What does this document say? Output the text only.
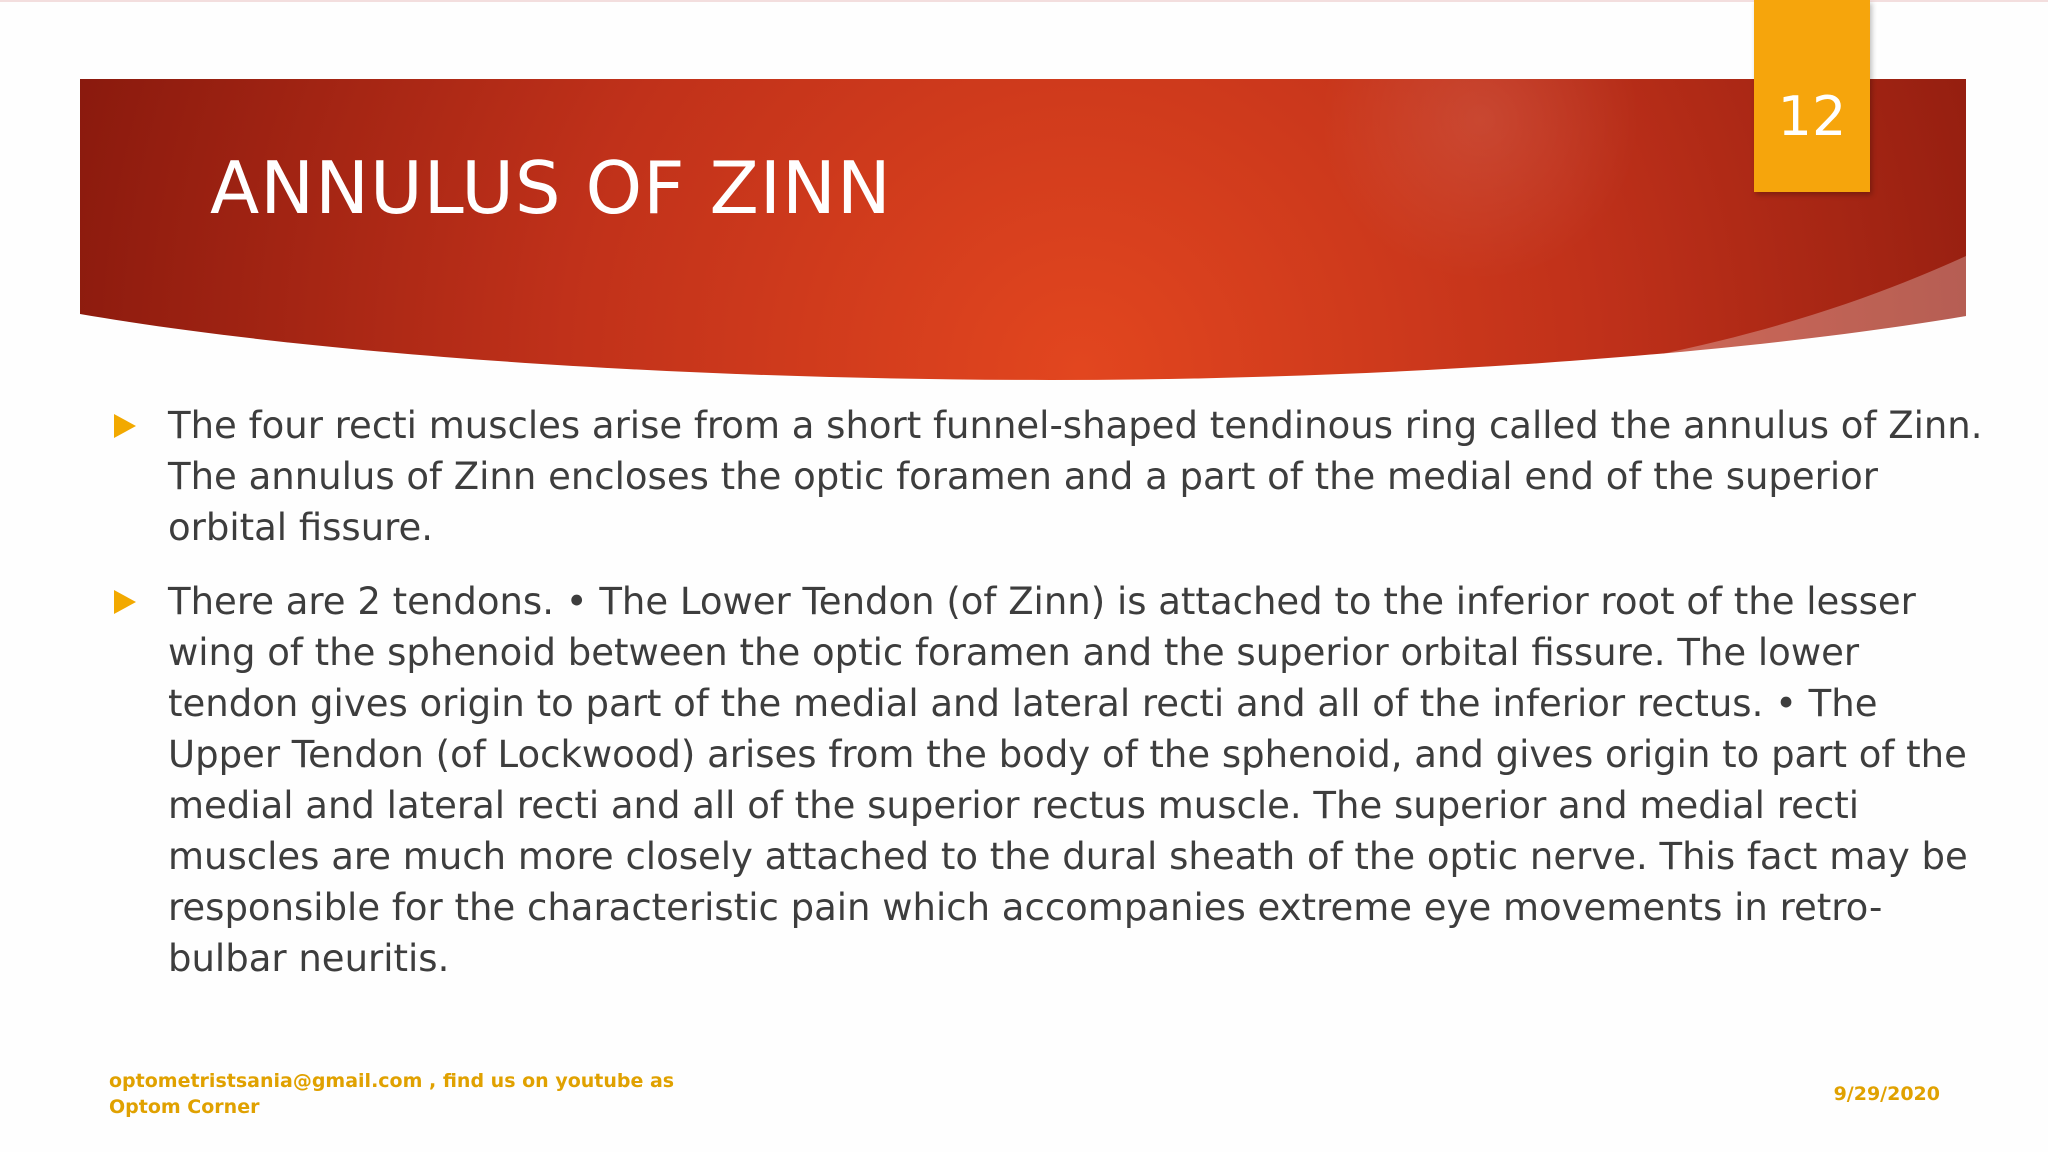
ANNULUS OF ZINN
12
The four recti muscles arise from a short funnel-shaped tendinous ring called the annulus of Zinn. The annulus of Zinn encloses the optic foramen and a part of the medial end of the superior orbital fissure.
There are 2 tendons. • The Lower Tendon (of Zinn) is attached to the inferior root of the lesser wing of the sphenoid between the optic foramen and the superior orbital fissure. The lower tendon gives origin to part of the medial and lateral recti and all of the inferior rectus. • The Upper Tendon (of Lockwood) arises from the body of the sphenoid, and gives origin to part of the medial and lateral recti and all of the superior rectus muscle. The superior and medial recti muscles are much more closely attached to the dural sheath of the optic nerve. This fact may be responsible for the characteristic pain which accompanies extreme eye movements in retro-bulbar neuritis.
optometristsania@gmail.com , find us on youtube as Optom Corner
9/29/2020
